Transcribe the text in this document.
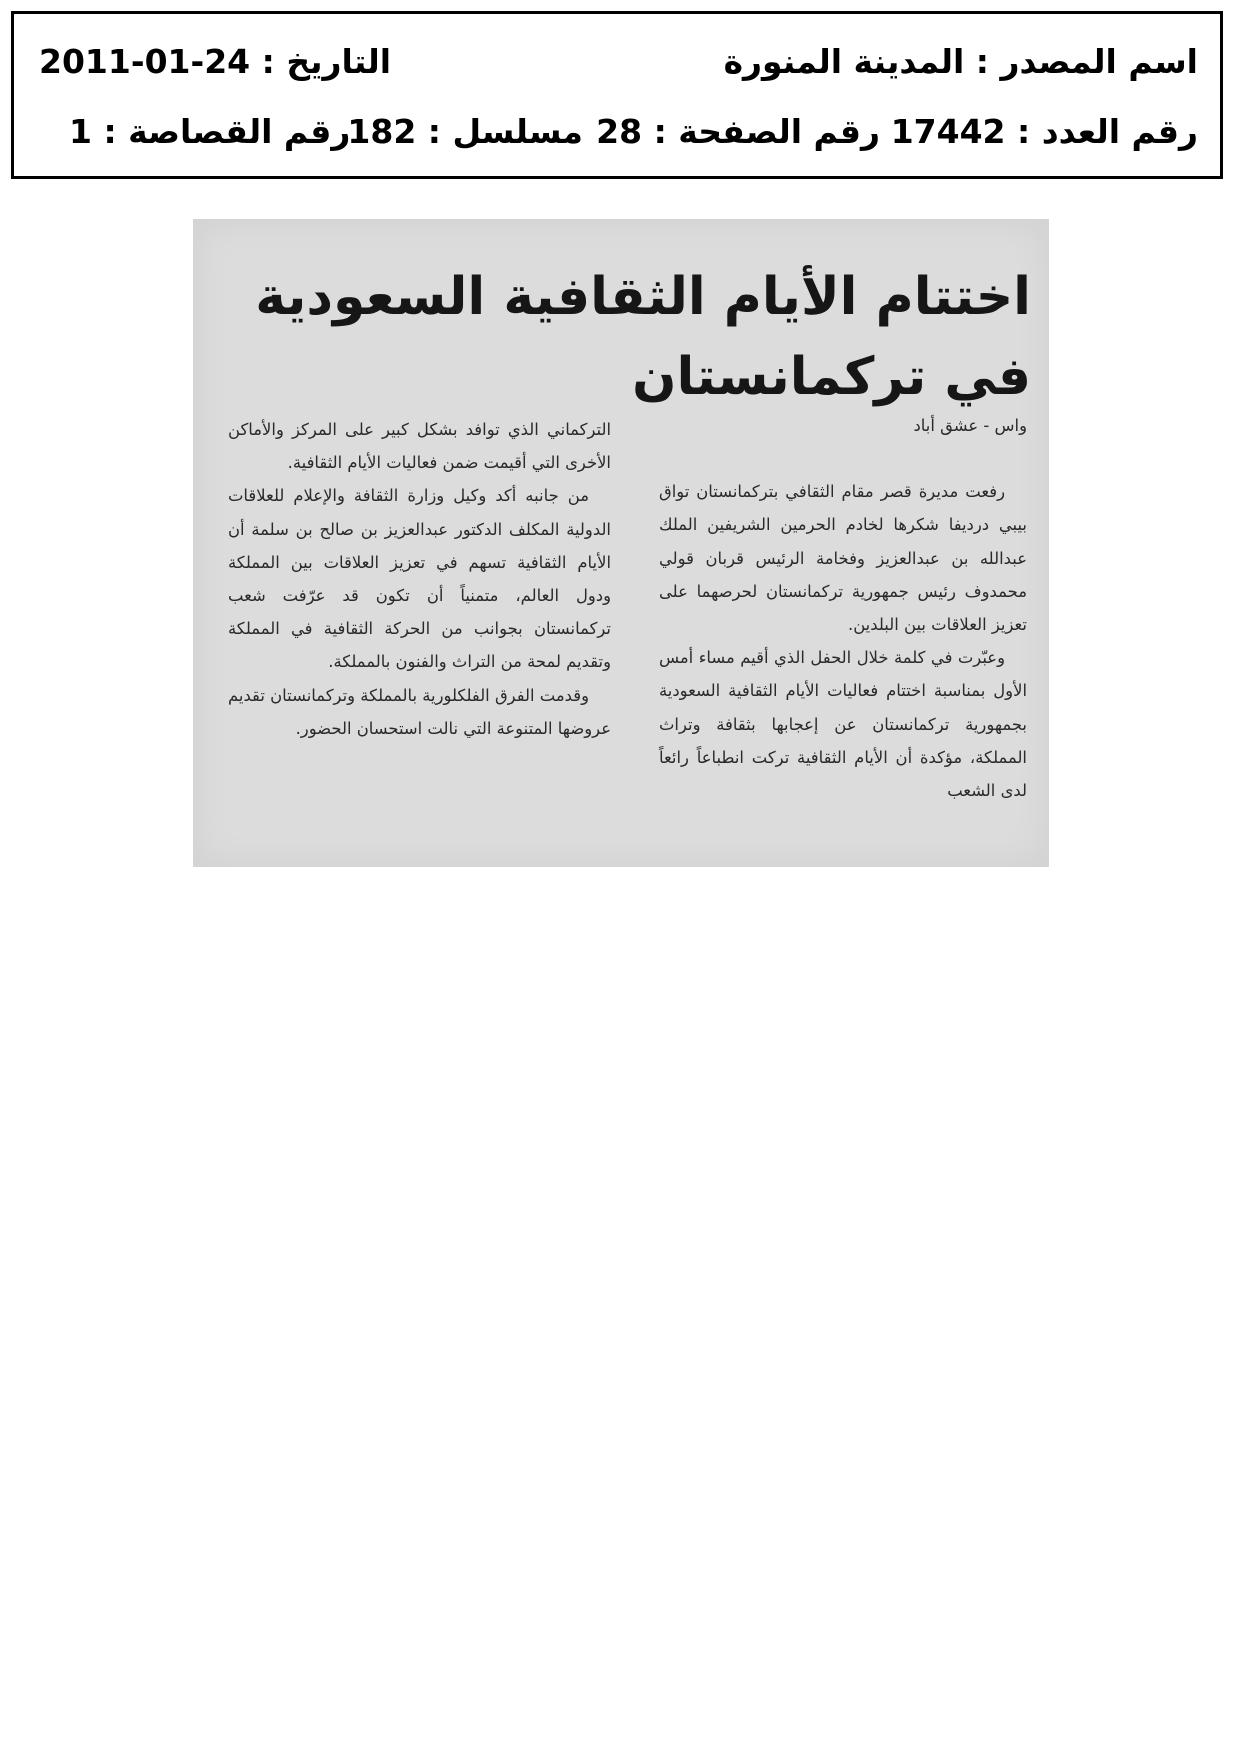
اسم المصدر : المدينة المنورة
التاريخ : 24-01-2011
رقم العدد : 17442
رقم الصفحة : 28
مسلسل : 182
رقم القصاصة : 1
اختتام الأيام الثقافية السعودية في تركمانستان

واس - عشق أباد

رفعت مديرة قصر مقام الثقافي بتركمانستان تواق بيبي درديفا شكرها لخادم الحرمين الشريفين الملك عبدالله بن عبدالعزيز وفخامة الرئيس قربان قولي محمدوف رئيس جمهورية تركمانستان لحرصهما على تعزيز العلاقات بين البلدين.

وعبّرت في كلمة خلال الحفل الذي أقيم مساء أمس الأول بمناسبة اختتام فعاليات الأيام الثقافية السعودية بجمهورية تركمانستان عن إعجابها بثقافة وتراث المملكة، مؤكدة أن الأيام الثقافية تركت انطباعاً رائعاً لدى الشعب

التركماني الذي توافد بشكل كبير على المركز والأماكن الأخرى التي أقيمت ضمن فعاليات الأيام الثقافية.

من جانبه أكد وكيل وزارة الثقافة والإعلام للعلاقات الدولية المكلف الدكتور عبدالعزيز بن صالح بن سلمة أن الأيام الثقافية تسهم في تعزيز العلاقات بين المملكة ودول العالم، متمنياً أن تكون قد عرّفت شعب تركمانستان بجوانب من الحركة الثقافية في المملكة وتقديم لمحة من التراث والفنون بالمملكة.

وقدمت الفرق الفلكلورية بالمملكة وتركمانستان تقديم عروضها المتنوعة التي نالت استحسان الحضور.
